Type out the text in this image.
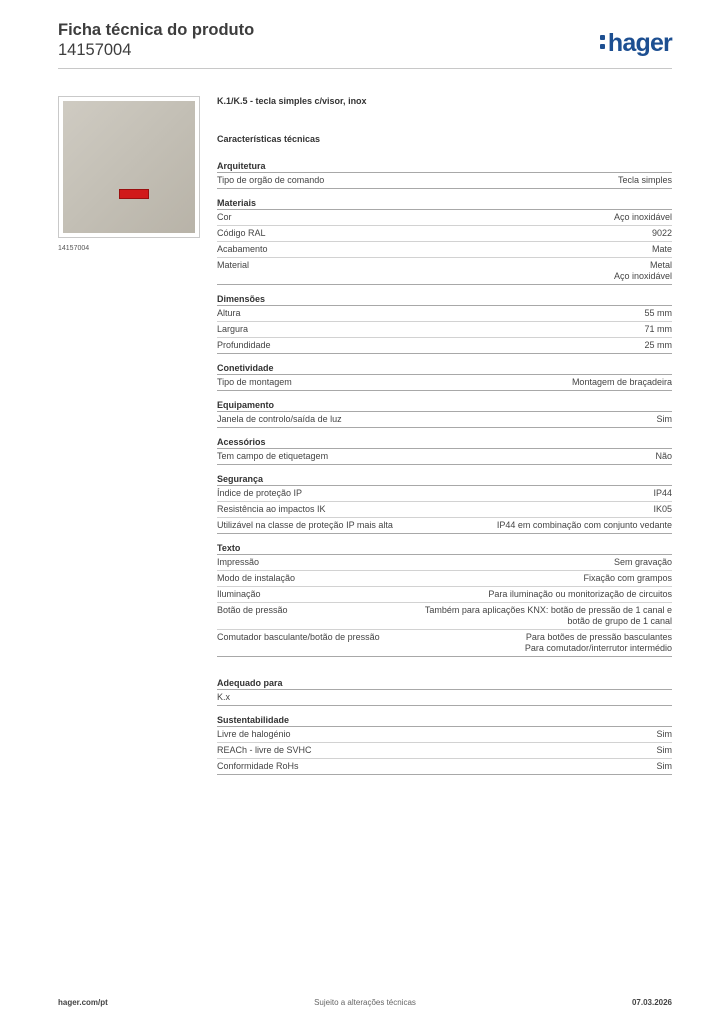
Ficha técnica do produto
14157004	hager
14157004
K.1/K.5 - tecla simples c/visor, inox
Características técnicas
Arquitetura
Tipo de orgão de comando	Tecla simples
Materiais
Cor	Aço inoxidável
Código RAL	9022
Acabamento	Mate
Material	Metal
Aço inoxidável
Dimensões
Altura	55 mm
Largura	71 mm
Profundidade	25 mm
Conetividade
Tipo de montagem	Montagem de braçadeira
Equipamento
Janela de controlo/saída de luz	Sim
Acessórios
Tem campo de etiquetagem	Não
Segurança
Índice de proteção IP	IP44
Resistência ao impactos IK	IK05
Utilizável na classe de proteção IP mais alta	IP44 em combinação com conjunto vedante
Texto
Impressão	Sem gravação
Modo de instalação	Fixação com grampos
Iluminação	Para iluminação ou monitorização de circuitos
Botão de pressão	Também para aplicações KNX: botão de pressão de 1 canal e
botão de grupo de 1 canal
Comutador basculante/botão de pressão	Para botões de pressão basculantes
Para comutador/interrutor intermédio
Adequado para
K.x

Sustentabilidade
Livre de halogénio	Sim
REACh - livre de SVHC	Sim
Conformidade RoHs	Sim
hager.com/pt	Sujeito a alterações técnicas	07.03.2026
